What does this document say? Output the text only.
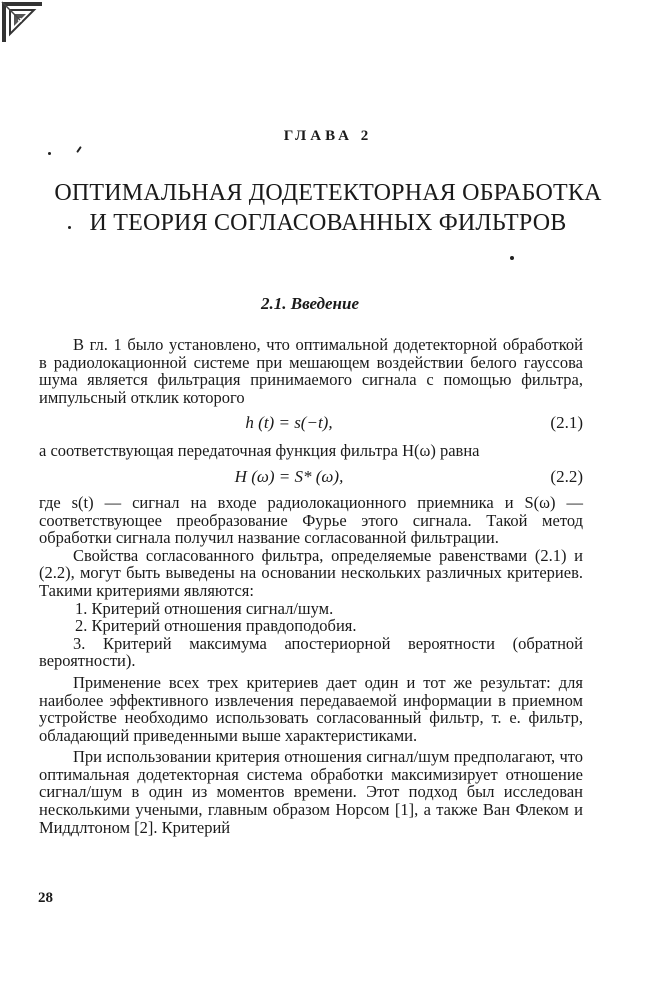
ГЛАВА 2
ОПТИМАЛЬНАЯ ДОДЕТЕКТОРНАЯ ОБРАБОТКА
И ТЕОРИЯ СОГЛАСОВАННЫХ ФИЛЬТРОВ
2.1. Введение

В гл. 1 было установлено, что оптимальной додетекторной обработкой в радиолокационной системе при мешающем воздействии белого гауссова шума является фильтрация принимаемого сигнала с помощью фильтра, импульсный отклик которого

h (t) = s(−t),	(2.1)

а соответствующая передаточная функция фильтра H(ω) равна

H (ω) = S* (ω),	(2.2)

где s(t) — сигнал на входе радиолокационного приемника и S(ω) — соответствующее преобразование Фурье этого сигнала. Такой метод обработки сигнала получил название согласованной фильтрации.

Свойства согласованного фильтра, определяемые равенствами (2.1) и (2.2), могут быть выведены на основании нескольких различных критериев. Такими критериями являются:

1. Критерий отношения сигнал/шум.

2. Критерий отношения правдоподобия.

3. Критерий максимума апостериорной вероятности (обратной вероятности).

Применение всех трех критериев дает один и тот же результат: для наиболее эффективного извлечения передаваемой информации в приемном устройстве необходимо использовать согласованный фильтр, т. е. фильтр, обладающий приведенными выше характеристиками.

При использовании критерия отношения сигнал/шум предполагают, что оптимальная додетекторная система обработки максимизирует отношение сигнал/шум в один из моментов времени. Этот подход был исследован несколькими учеными, главным образом Норсом [1], а также Ван Флеком и Миддлтоном [2]. Критерий

28
